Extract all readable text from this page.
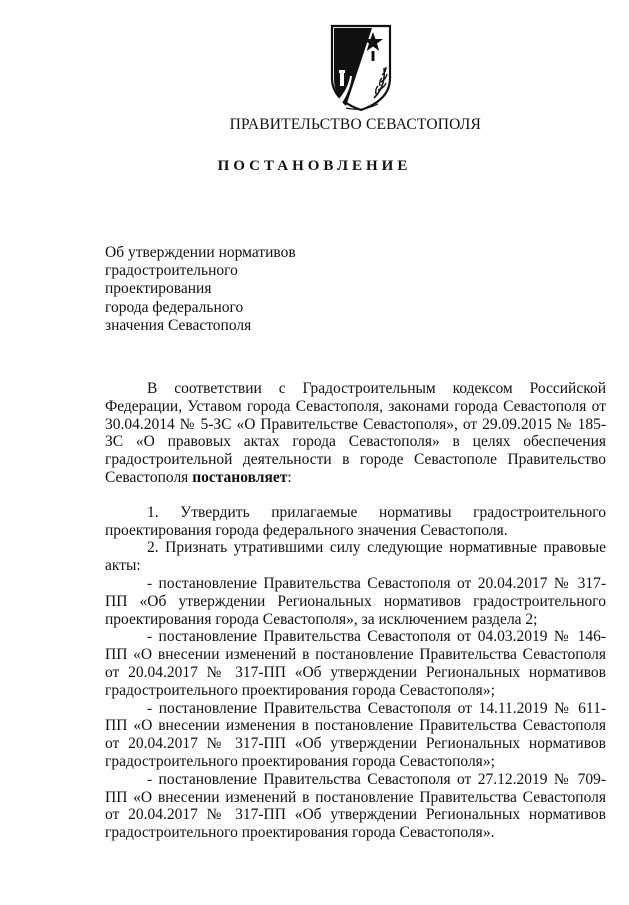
ПРАВИТЕЛЬСТВО СЕВАСТОПОЛЯ
ПОСТАНОВЛЕНИЕ
Об утверждении нормативов
градостроительного
проектирования
города федерального
значения Севастополя

В соответствии с Градостроительным кодексом Российской Федерации, Уставом города Севастополя, законами города Севастополя от 30.04.2014 № 5-ЗС «О Правительстве Севастополя», от 29.09.2015 № 185-ЗС «О правовых актах города Севастополя» в целях обеспечения градостроительной деятельности в городе Севастополе Правительство Севастополя постановляет:

1. Утвердить прилагаемые нормативы градостроительного проектирования города федерального значения Севастополя.

2. Признать утратившими силу следующие нормативные правовые акты:

- постановление Правительства Севастополя от 20.04.2017 № 317-ПП «Об утверждении Региональных нормативов градостроительного проектирования города Севастополя», за исключением раздела 2;

- постановление Правительства Севастополя от 04.03.2019 № 146-ПП «О внесении изменений в постановление Правительства Севастополя от 20.04.2017 № 317-ПП «Об утверждении Региональных нормативов градостроительного проектирования города Севастополя»;

- постановление Правительства Севастополя от 14.11.2019 № 611-ПП «О внесении изменения в постановление Правительства Севастополя от 20.04.2017 № 317-ПП «Об утверждении Региональных нормативов градостроительного проектирования города Севастополя»;

- постановление Правительства Севастополя от 27.12.2019 № 709-ПП «О внесении изменений в постановление Правительства Севастополя от 20.04.2017 № 317-ПП «Об утверждении Региональных нормативов градостроительного проектирования города Севастополя».
